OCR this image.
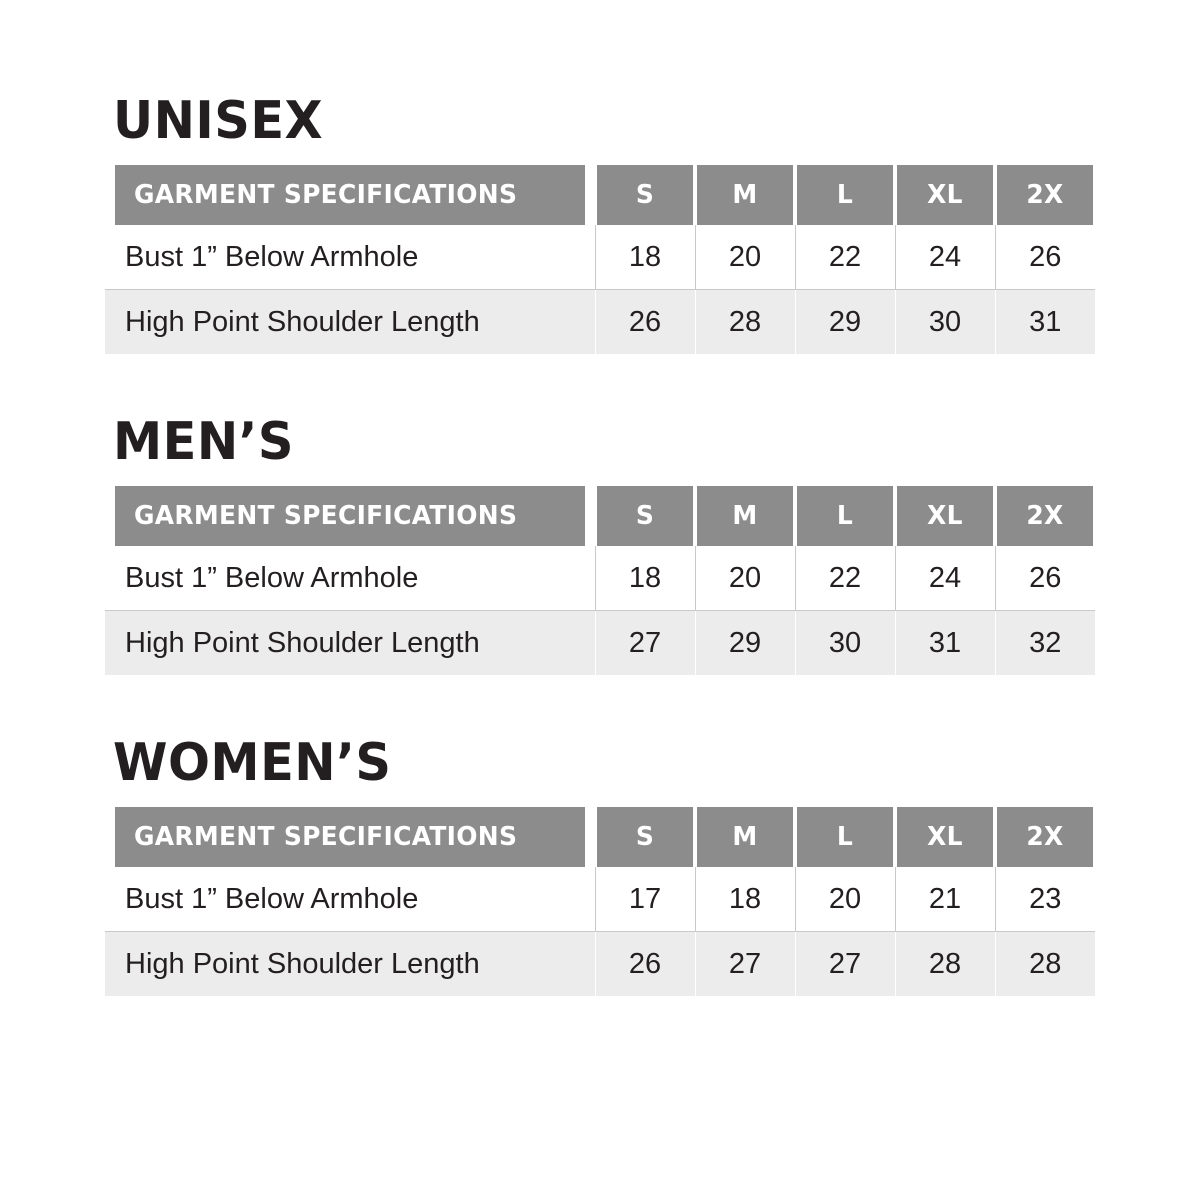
UNISEX
GARMENT SPECIFICATIONS	S	M	L	XL	2X
Bust 1” Below Armhole	18	20	22	24	26
High Point Shoulder Length	26	28	29	30	31
MEN’S
GARMENT SPECIFICATIONS	S	M	L	XL	2X
Bust 1” Below Armhole	18	20	22	24	26
High Point Shoulder Length	27	29	30	31	32
WOMEN’S
GARMENT SPECIFICATIONS	S	M	L	XL	2X
Bust 1” Below Armhole	17	18	20	21	23
High Point Shoulder Length	26	27	27	28	28
